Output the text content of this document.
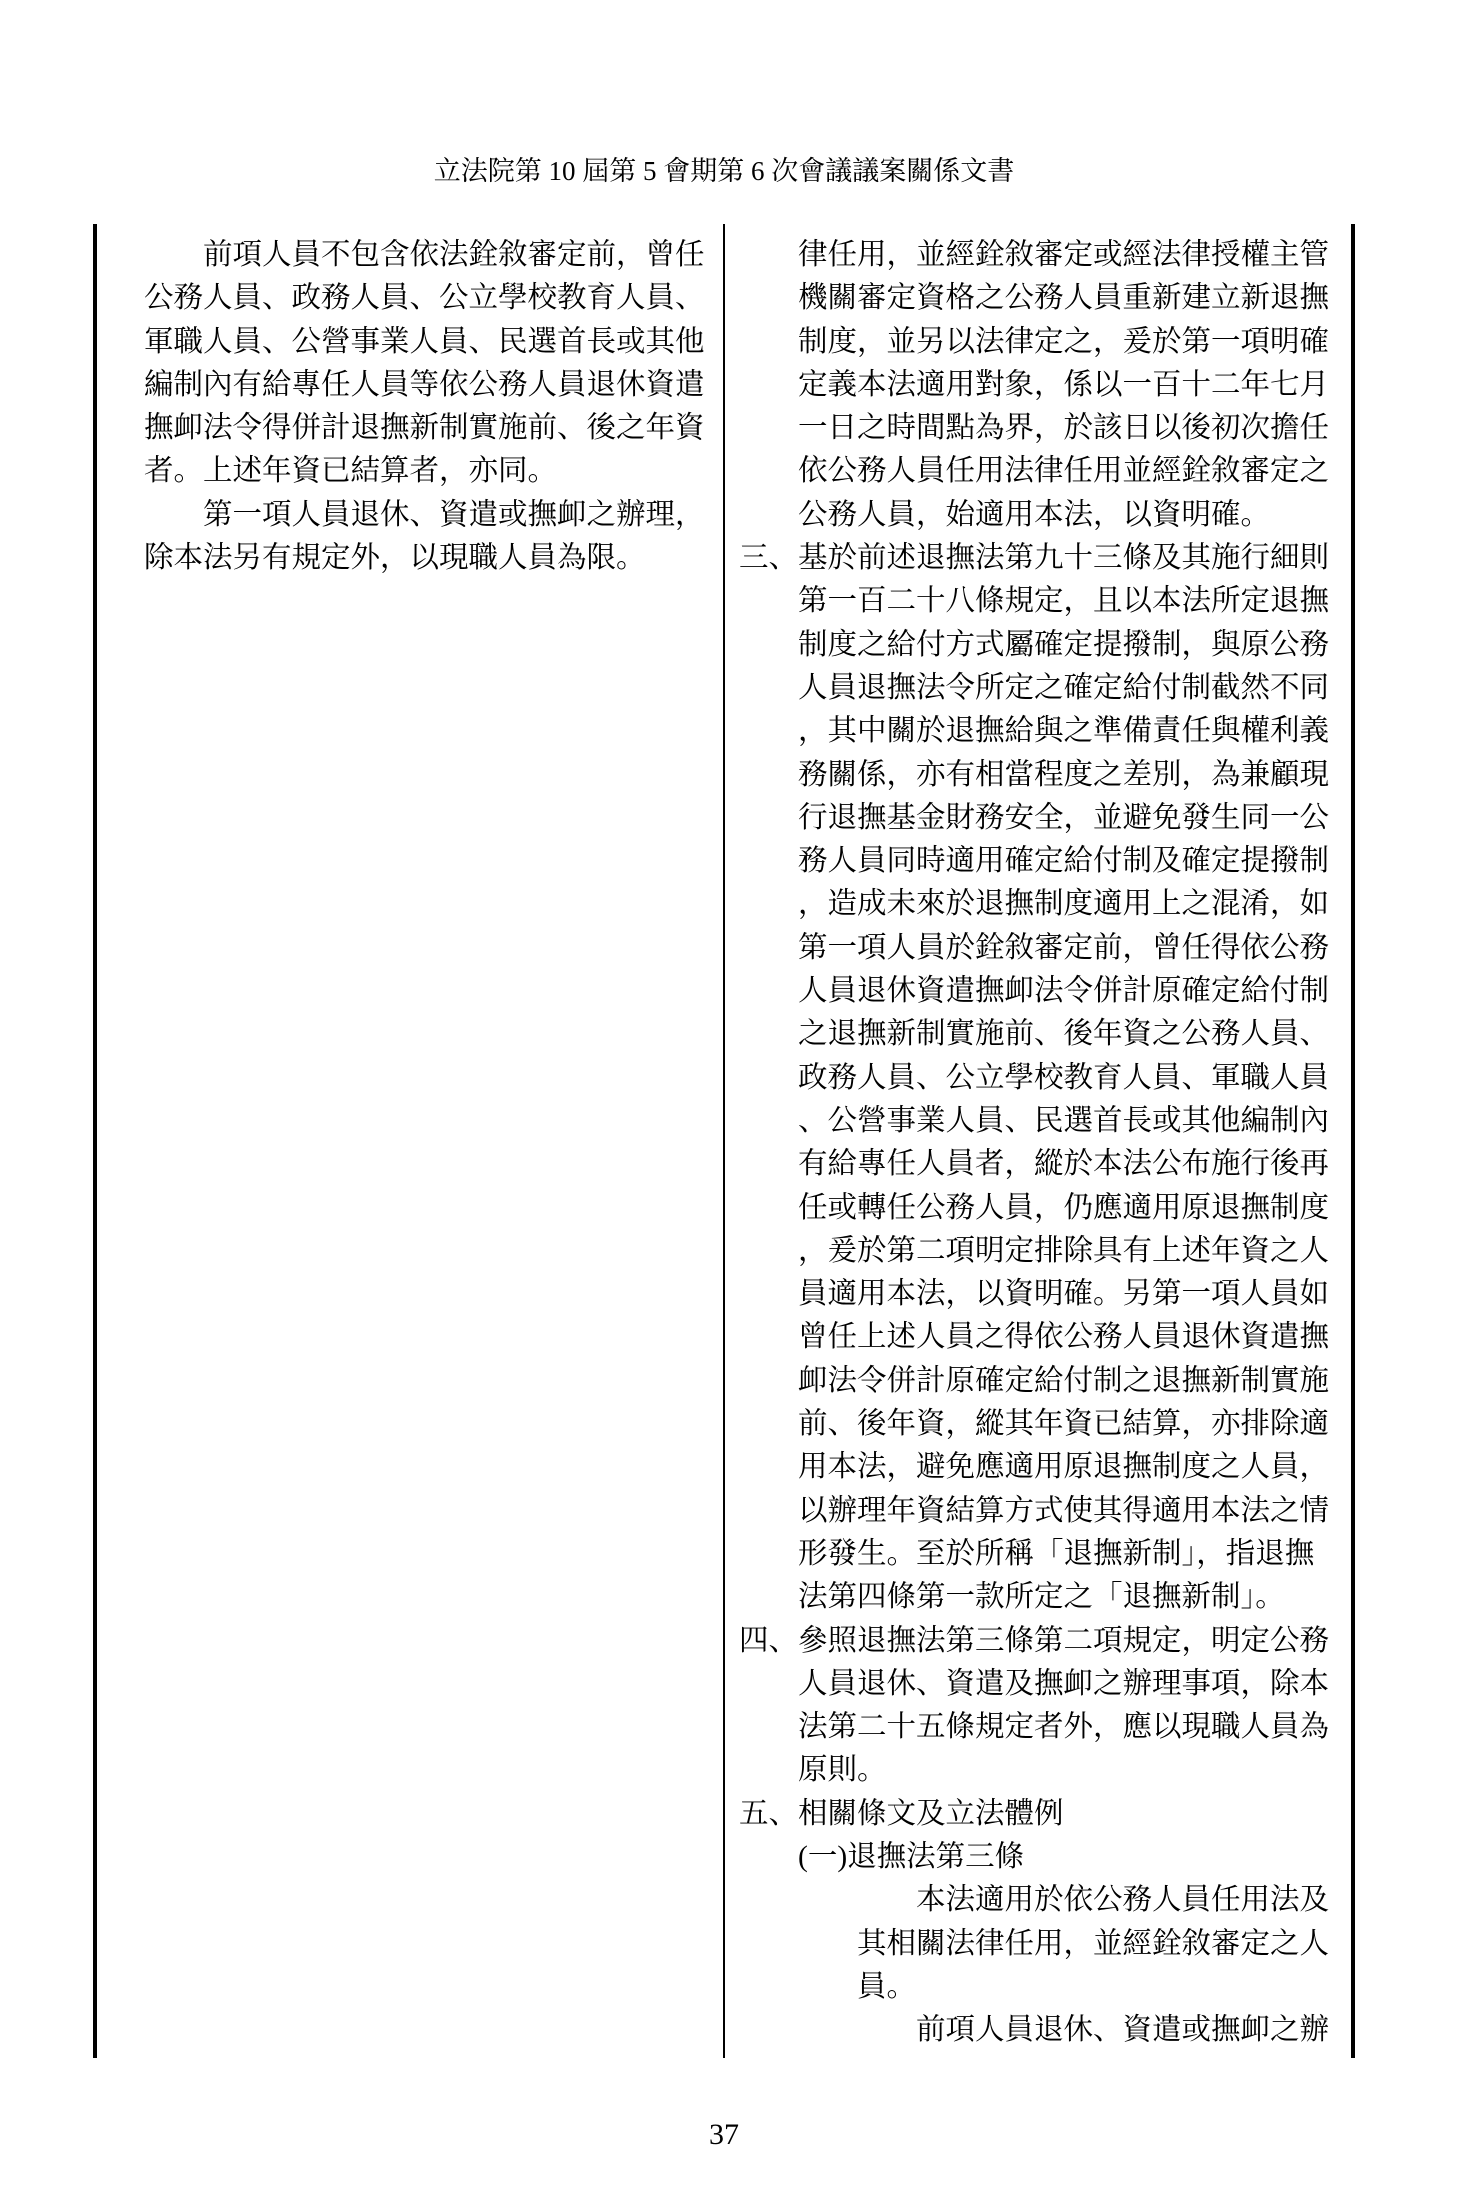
立法院第 10 屆第 5 會期第 6 次會議議案關係文書
前項人員不包含依法銓敘審定前，曾任
公務人員、政務人員、公立學校教育人員、
軍職人員、公營事業人員、民選首長或其他
編制內有給專任人員等依公務人員退休資遣
撫卹法令得併計退撫新制實施前、後之年資
者。上述年資已結算者，亦同。
第一項人員退休、資遣或撫卹之辦理，
除本法另有規定外，以現職人員為限。
律任用，並經銓敘審定或經法律授權主管
機關審定資格之公務人員重新建立新退撫
制度，並另以法律定之，爰於第一項明確
定義本法適用對象，係以一百十二年七月
一日之時間點為界，於該日以後初次擔任
依公務人員任用法律任用並經銓敘審定之
公務人員，始適用本法，以資明確。
三、 基於前述退撫法第九十三條及其施行細則
第一百二十八條規定，且以本法所定退撫
制度之給付方式屬確定提撥制，與原公務
人員退撫法令所定之確定給付制截然不同
，其中關於退撫給與之準備責任與權利義
務關係，亦有相當程度之差別，為兼顧現
行退撫基金財務安全，並避免發生同一公
務人員同時適用確定給付制及確定提撥制
，造成未來於退撫制度適用上之混淆，如
第一項人員於銓敘審定前，曾任得依公務
人員退休資遣撫卹法令併計原確定給付制
之退撫新制實施前、後年資之公務人員、
政務人員、公立學校教育人員、軍職人員
、公營事業人員、民選首長或其他編制內
有給專任人員者，縱於本法公布施行後再
任或轉任公務人員，仍應適用原退撫制度
，爰於第二項明定排除具有上述年資之人
員適用本法，以資明確。另第一項人員如
曾任上述人員之得依公務人員退休資遣撫
卹法令併計原確定給付制之退撫新制實施
前、後年資，縱其年資已結算，亦排除適
用本法，避免應適用原退撫制度之人員，
以辦理年資結算方式使其得適用本法之情
形發生。至於所稱「退撫新制」，指退撫
法第四條第一款所定之「退撫新制」。
四、 參照退撫法第三條第二項規定，明定公務
人員退休、資遣及撫卹之辦理事項，除本
法第二十五條規定者外，應以現職人員為
原則。
五、 相關條文及立法體例
(一)退撫法第三條
本法適用於依公務人員任用法及
其相關法律任用，並經銓敘審定之人
員。
前項人員退休、資遣或撫卹之辦
37
